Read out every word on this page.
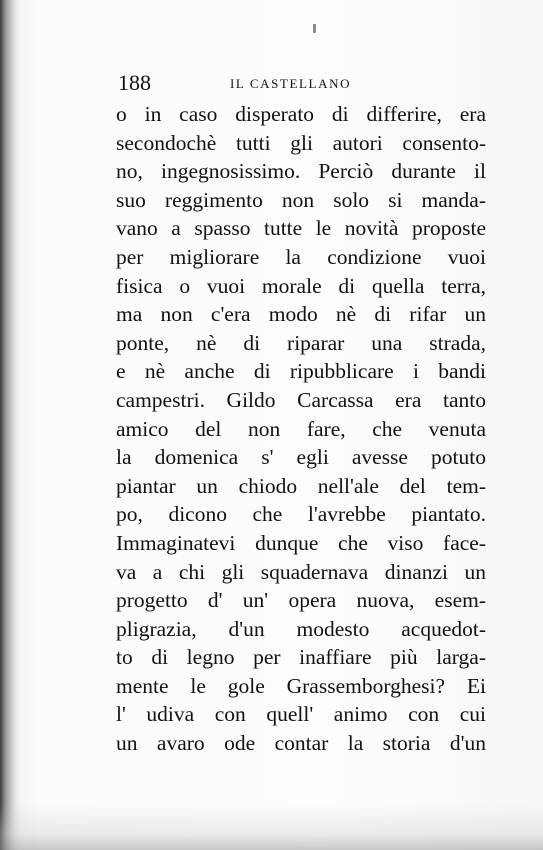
188	IL CASTELLANO
o in caso disperato di differire, era
secondochè tutti gli autori consento-
no, ingegnosissimo. Perciò durante il
suo reggimento non solo si manda-
vano a spasso tutte le novità proposte
per migliorare la condizione vuoi
fisica o vuoi morale di quella terra,
ma non c'era modo nè di rifar un
ponte, nè di riparar una strada,
e nè anche di ripubblicare i bandi
campestri. Gildo Carcassa era tanto
amico del non fare, che venuta
la domenica s' egli avesse potuto
piantar un chiodo nell'ale del tem-
po, dicono che l'avrebbe piantato.
Immaginatevi dunque che viso face-
va a chi gli squadernava dinanzi un
progetto d' un' opera nuova, esem-
pligrazia, d'un modesto acquedot-
to di legno per inaffiare più larga-
mente le gole Grassemborghesi? Ei
l' udiva con quell' animo con cui
un avaro ode contar la storia d'un
